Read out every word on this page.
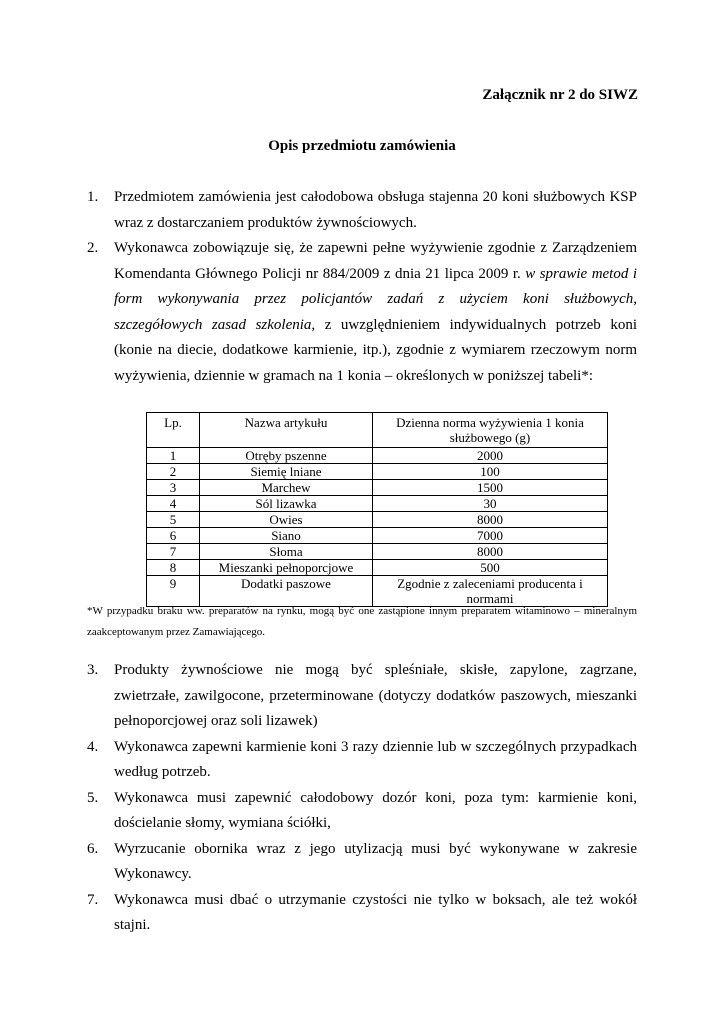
Załącznik nr 2 do SIWZ
Opis przedmiotu zamówienia
1. Przedmiotem zamówienia jest całodobowa obsługa stajenna 20 koni służbowych KSP wraz z dostarczaniem produktów żywnościowych.
2. Wykonawca zobowiązuje się, że zapewni pełne wyżywienie zgodnie z Zarządzeniem Komendanta Głównego Policji nr 884/2009 z dnia 21 lipca 2009 r. w sprawie metod i form wykonywania przez policjantów zadań z użyciem koni służbowych, szczegółowych zasad szkolenia, z uwzględnieniem indywidualnych potrzeb koni (konie na diecie, dodatkowe karmienie, itp.), zgodnie z wymiarem rzeczowym norm wyżywienia, dziennie w gramach na 1 konia – określonych w poniższej tabeli*:
Lp.	Nazwa artykułu	Dzienna norma wyżywienia 1 konia służbowego (g)
1	Otręby pszenne	2000
2	Siemię lniane	100
3	Marchew	1500
4	Sól lizawka	30
5	Owies	8000
6	Siano	7000
7	Słoma	8000
8	Mieszanki pełnoporcjowe	500
9	Dodatki paszowe	Zgodnie z zaleceniami producenta i normami
*W przypadku braku ww. preparatów na rynku, mogą być one zastąpione innym preparatem witaminowo – mineralnym zaakceptowanym przez Zamawiającego.
3. Produkty żywnościowe nie mogą być spleśniałe, skisłe, zapylone, zagrzane, zwietrzałe, zawilgocone, przeterminowane (dotyczy dodatków paszowych, mieszanki pełnoporcjowej oraz soli lizawek)
4. Wykonawca zapewni karmienie koni 3 razy dziennie lub w szczególnych przypadkach według potrzeb.
5. Wykonawca musi zapewnić całodobowy dozór koni, poza tym: karmienie koni, dościelanie słomy, wymiana ściółki,
6. Wyrzucanie obornika wraz z jego utylizacją musi być wykonywane w zakresie Wykonawcy.
7. Wykonawca musi dbać o utrzymanie czystości nie tylko w boksach, ale też wokół stajni.
